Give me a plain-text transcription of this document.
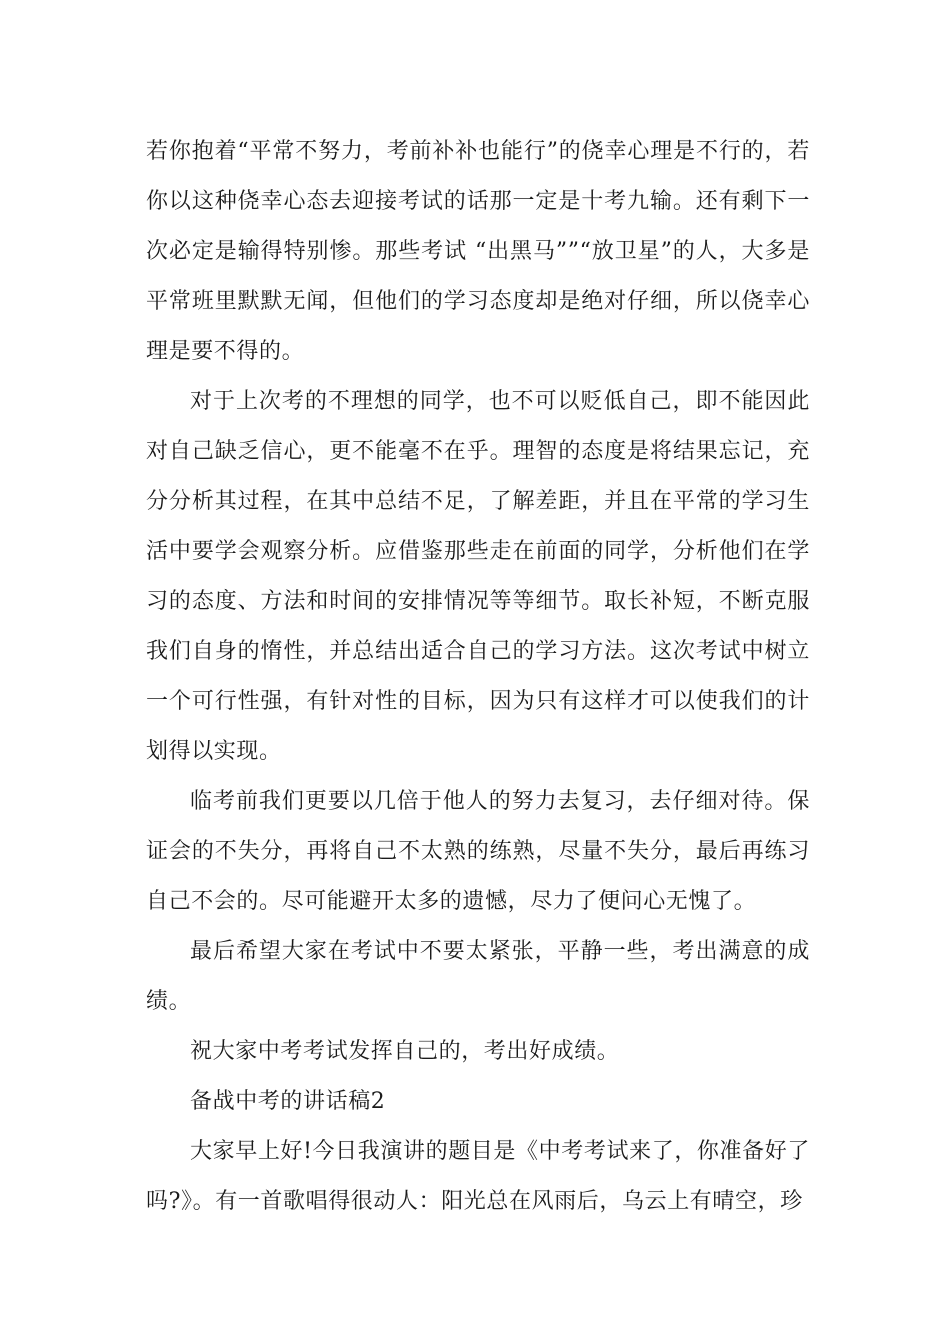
若你抱着“平常不努力，考前补补也能行”的侥幸心理是不行的，若你以这种侥幸心态去迎接考试的话那一定是十考九输。还有剩下一次必定是输得特别惨。那些考试 “出黑马””“放卫星”的人，大多是平常班里默默无闻，但他们的学习态度却是绝对仔细，所以侥幸心理是要不得的。

对于上次考的不理想的同学，也不可以贬低自己，即不能因此对自己缺乏信心，更不能毫不在乎。理智的态度是将结果忘记，充分分析其过程，在其中总结不足，了解差距，并且在平常的学习生活中要学会观察分析。应借鉴那些走在前面的同学，分析他们在学习的态度、方法和时间的安排情况等等细节。取长补短，不断克服我们自身的惰性，并总结出适合自己的学习方法。这次考试中树立一个可行性强，有针对性的目标，因为只有这样才可以使我们的计划得以实现。

临考前我们更要以几倍于他人的努力去复习，去仔细对待。保证会的不失分，再将自己不太熟的练熟，尽量不失分，最后再练习自己不会的。尽可能避开太多的遗憾，尽力了便问心无愧了。

最后希望大家在考试中不要太紧张，平静一些，考出满意的成绩。

祝大家中考考试发挥自己的，考出好成绩。

备战中考的讲话稿2

大家早上好!今日我演讲的题目是《中考考试来了，你准备好了吗?》。有一首歌唱得很动人：阳光总在风雨后，乌云上有晴空，珍
